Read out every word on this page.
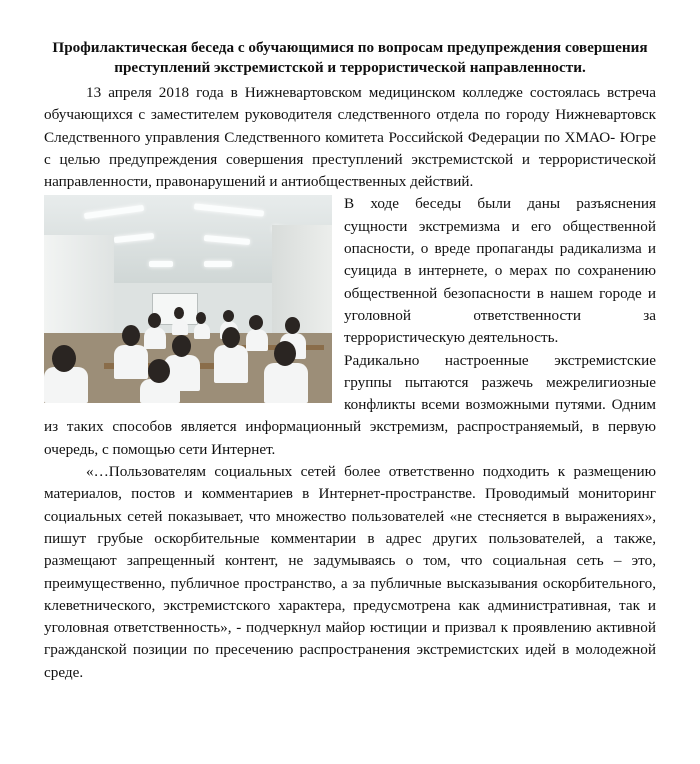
Профилактическая беседа с обучающимися по вопросам предупреждения совершения преступлений экстремистской и террористической направленности.

13 апреля 2018 года в Нижневартовском медицинском колледже состоялась встреча обучающихся с заместителем руководителя следственного отдела по городу Нижневартовск Следственного управления Следственного комитета Российской Федерации по ХМАО- Югре с целью предупреждения совершения преступлений экстремистской и террористической направленности, правонарушений и антиобщественных действий.

В ходе беседы были даны разъяснения сущности экстремизма и его общественной опасности, о вреде пропаганды радикализма и суицида в интернете, о мерах по сохранению общественной безопасности в нашем городе и уголовной ответственности за террористическую деятельность.

Радикально настроенные экстремистские группы пытаются разжечь межрелигиозные конфликты всеми возможными путями. Одним из таких способов является информационный экстремизм, распространяемый, в первую очередь, с помощью сети Интернет.

«…Пользователям социальных сетей более ответственно подходить к размещению материалов, постов и комментариев в Интернет-пространстве. Проводимый мониторинг социальных сетей показывает, что множество пользователей «не стесняется в выражениях», пишут грубые оскорбительные комментарии в адрес других пользователей, а также, размещают запрещенный контент, не задумываясь о том, что социальная сеть – это, преимущественно, публичное пространство, а за публичные высказывания оскорбительного, клеветнического, экстремистского характера, предусмотрена как административная, так и уголовная ответственность», - подчеркнул майор юстиции и призвал к проявлению активной гражданской позиции по пресечению распространения экстремистских идей в молодежной среде.
